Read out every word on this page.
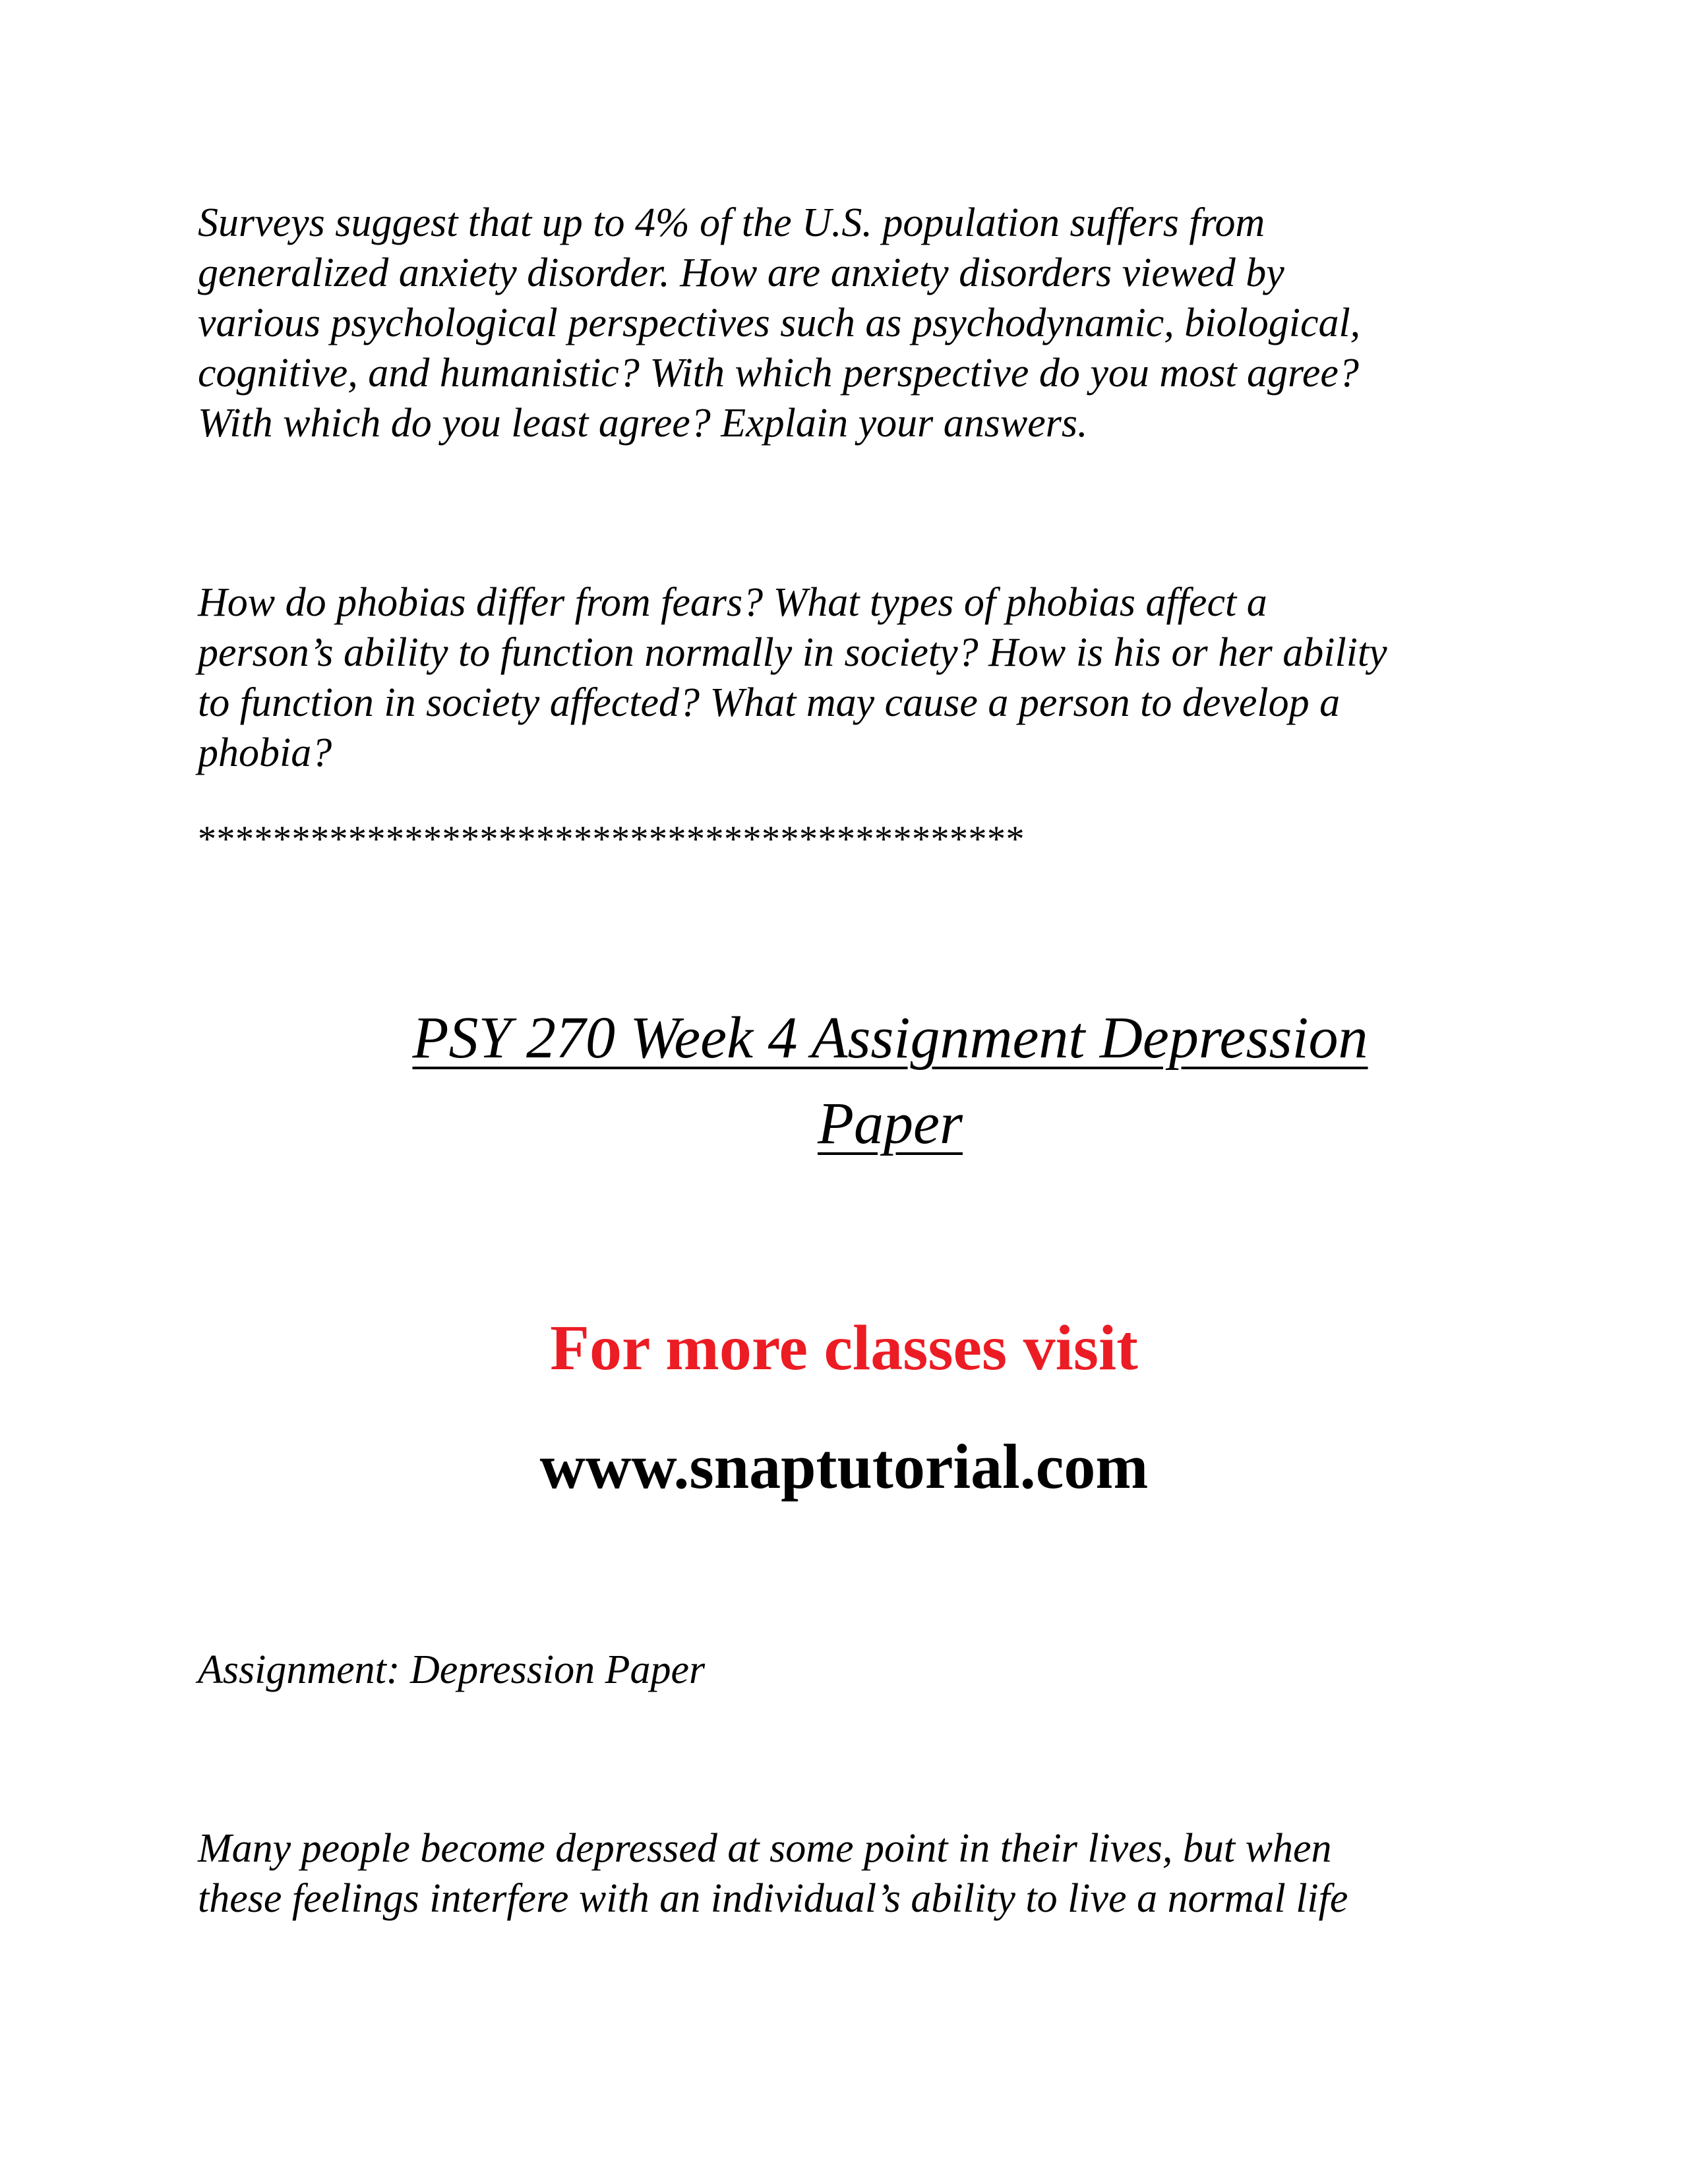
Surveys suggest that up to 4% of the U.S. population suffers from
generalized anxiety disorder. How are anxiety disorders viewed by
various psychological perspectives such as psychodynamic, biological,
cognitive, and humanistic? With which perspective do you most agree?
With which do you least agree? Explain your answers.

How do phobias differ from fears? What types of phobias affect a
person’s ability to function normally in society? How is his or her ability
to function in society affected? What may cause a person to develop a
phobia?

********************************************
PSY 270 Week 4 Assignment Depression
Paper

For more classes visit

www.snaptutorial.com

Assignment: Depression Paper

Many people become depressed at some point in their lives, but when
these feelings interfere with an individual’s ability to live a normal life
